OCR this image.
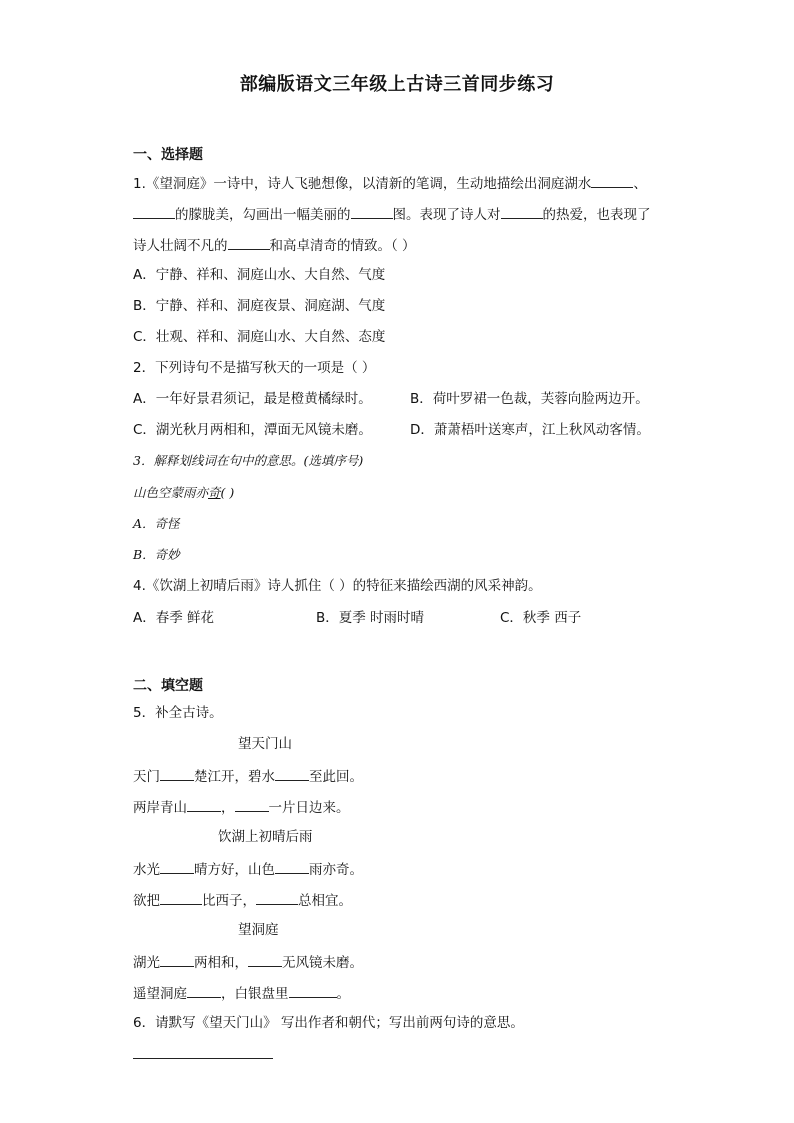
部编版语文三年级上古诗三首同步练习
一、选择题
1.《望洞庭》一诗中，诗人飞驰想像，以清新的笔调，生动地描绘出洞庭湖水	、
的朦胧美，勾画出一幅美丽的	图。表现了诗人对	的热爱，也表现了
诗人壮阔不凡的	和高卓清奇的情致。（ ）
A．宁静、祥和、洞庭山水、大自然、气度
B．宁静、祥和、洞庭夜景、洞庭湖、气度
C．壮观、祥和、洞庭山水、大自然、态度
2．下列诗句不是描写秋天的一项是（ ）
A．一年好景君须记，最是橙黄橘绿时。	B．荷叶罗裙一色裁，芙蓉向脸两边开。
C．湖光秋月两相和，潭面无风镜未磨。	D．萧萧梧叶送寒声，江上秋风动客情。
3．解释划线词在句中的意思。(选填序号)
山色空蒙雨亦奇( )
A．奇怪
B．奇妙
4.《饮湖上初晴后雨》诗人抓住（ ）的特征来描绘西湖的风采神韵。
A．春季 鲜花	B．夏季 时雨时晴	C．秋季 西子
二、填空题
5．补全古诗。
望天门山
天门	楚江开，碧水	至此回。
两岸青山	，	一片日边来。
饮湖上初晴后雨
水光	晴方好，山色	雨亦奇。
欲把	比西子，	总相宜。
望洞庭
湖光	两相和，	无风镜未磨。
遥望洞庭	，白银盘里	。
6．请默写《望天门山》 写出作者和朝代；写出前两句诗的意思。
